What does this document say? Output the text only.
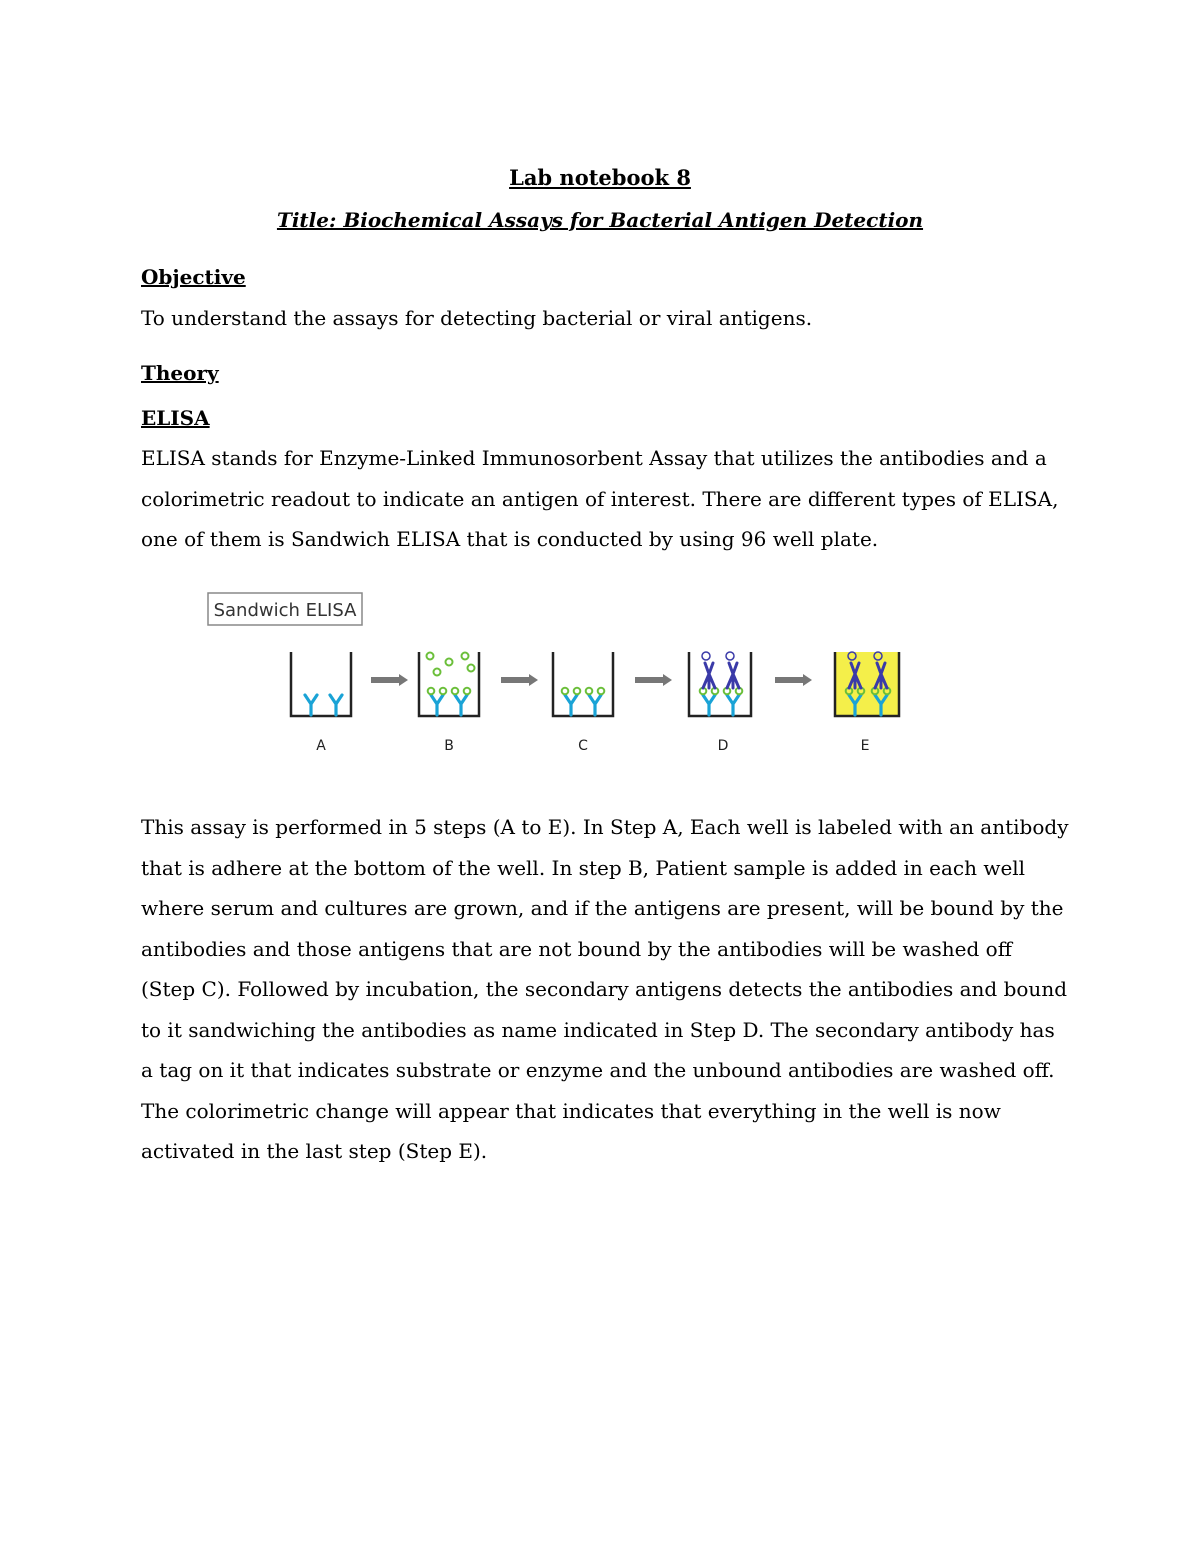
Lab notebook 8
Title: Biochemical Assays for Bacterial Antigen Detection
Objective
To understand the assays for detecting bacterial or viral antigens.
Theory
ELISA
ELISA stands for Enzyme-Linked Immunosorbent Assay that utilizes the antibodies and a colorimetric readout to indicate an antigen of interest. There are different types of ELISA, one of them is Sandwich ELISA that is conducted by using 96 well plate.
Sandwich ELISA
A	B	C	D	E
This assay is performed in 5 steps (A to E). In Step A, Each well is labeled with an antibody that is adhere at the bottom of the well. In step B, Patient sample is added in each well where serum and cultures are grown, and if the antigens are present, will be bound by the antibodies and those antigens that are not bound by the antibodies will be washed off (Step C). Followed by incubation, the secondary antigens detects the antibodies and bound to it sandwiching the antibodies as name indicated in Step D. The secondary antibody has a tag on it that indicates substrate or enzyme and the unbound antibodies are washed off. The colorimetric change will appear that indicates that everything in the well is now activated in the last step (Step E).
